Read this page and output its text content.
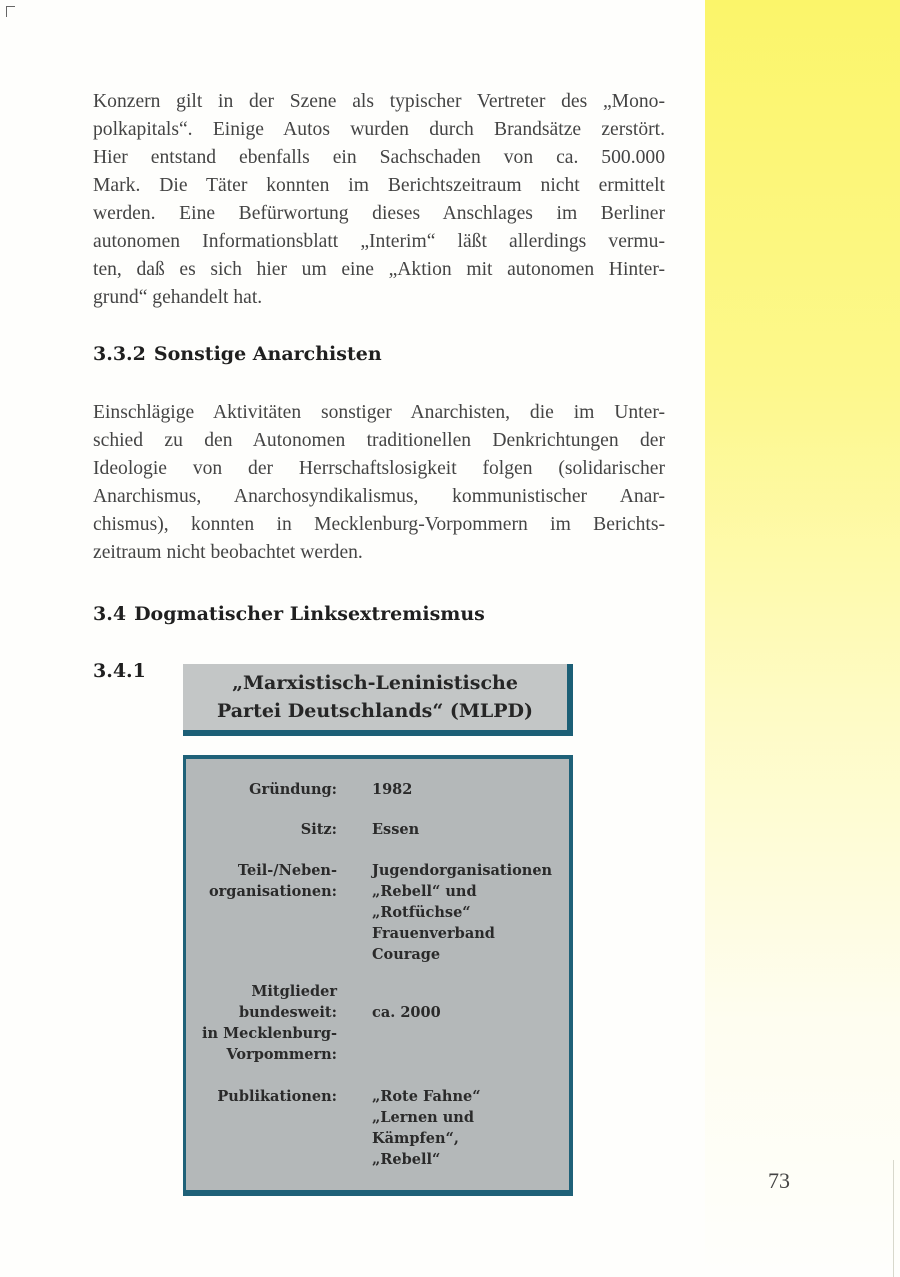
Konzern gilt in der Szene als typischer Vertreter des „Mono-
polkapitals“. Einige Autos wurden durch Brandsätze zerstört.
Hier entstand ebenfalls ein Sachschaden von ca. 500.000
Mark. Die Täter konnten im Berichtszeitraum nicht ermittelt
werden. Eine Befürwortung dieses Anschlages im Berliner
autonomen Informationsblatt „Interim“ läßt allerdings vermu-
ten, daß es sich hier um eine „Aktion mit autonomen Hinter-
grund“ gehandelt hat.
3.3.2 Sonstige Anarchisten
Einschlägige Aktivitäten sonstiger Anarchisten, die im Unter-
schied zu den Autonomen traditionellen Denkrichtungen der
Ideologie von der Herrschaftslosigkeit folgen (solidarischer
Anarchismus, Anarchosyndikalismus, kommunistischer Anar-
chismus), konnten in Mecklenburg-Vorpommern im Berichts-
zeitraum nicht beobachtet werden.
3.4 Dogmatischer Linksextremismus
3.4.1
„Marxistisch-Leninistische
Partei Deutschlands“ (MLPD)
Gründung: 1982
Sitz: Essen
Teil-/Neben-
organisationen:
Jugendorganisationen
„Rebell“ und
„Rotfüchse“
Frauenverband
Courage
Mitglieder
bundesweit:
in Mecklenburg-
Vorpommern:
ca. 2000
Publikationen: „Rote Fahne“
„Lernen und
Kämpfen“,
„Rebell“
73
